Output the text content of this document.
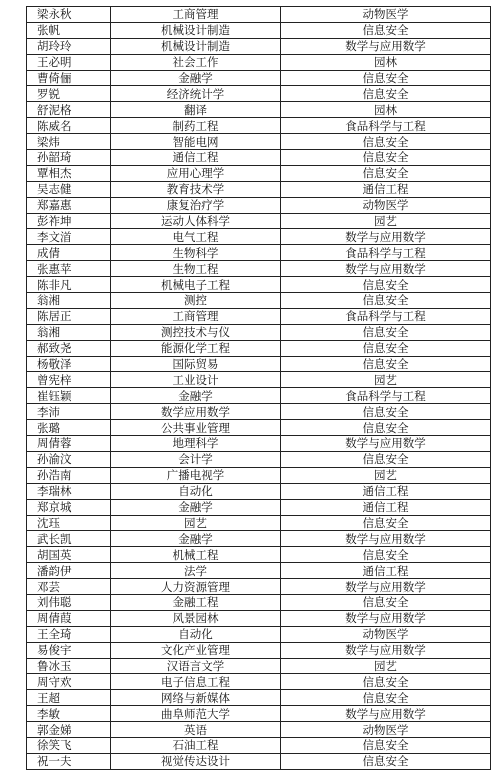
梁永秋	工商管理	动物医学
张帆	机械设计制造	信息安全
胡玲玲	机械设计制造	数学与应用数学
王必明	社会工作	园林
曹倚俪	金融学	信息安全
罗锐	经济统计学	信息安全
舒泥格	翻译	园林
陈威名	制药工程	食品科学与工程
梁炜	智能电网	信息安全
孙韶琦	通信工程	信息安全
覃相杰	应用心理学	信息安全
吴志健	教育技术学	通信工程
郑嘉惠	康复治疗学	动物医学
彭祚坤	运动人体科学	园艺
李文渞	电气工程	数学与应用数学
成倩	生物科学	食品科学与工程
张惠苹	生物工程	数学与应用数学
陈非凡	机械电子工程	信息安全
翁湘	测控	信息安全
陈居正	工商管理	食品科学与工程
翁湘	测控技术与仪	信息安全
郝致尧	能源化学工程	信息安全
杨敬泽	国际贸易	信息安全
曾宪梓	工业设计	园艺
崔钰颖	金融学	食品科学与工程
李沛	数学应用数学	信息安全
张璐	公共事业管理	信息安全
周倩蓉	地理科学	数学与应用数学
孙渝汶	会计学	信息安全
孙浩南	广播电视学	园艺
李瑞林	自动化	通信工程
郑京城	金融学	通信工程
沈珏	园艺	信息安全
武长凯	金融学	数学与应用数学
胡国英	机械工程	信息安全
潘韵伊	法学	通信工程
邓芸	人力资源管理	数学与应用数学
刘伟聪	金融工程	信息安全
周倩葭	风景园林	数学与应用数学
王全琦	自动化	动物医学
易俊宇	文化产业管理	数学与应用数学
鲁冰玉	汉语言文学	园艺
周守欢	电子信息工程	信息安全
王超	网络与新媒体	信息安全
李敏	曲阜师范大学	数学与应用数学
郭金娣	英语	动物医学
徐笑飞	石油工程	信息安全
祝一夫	视觉传达设计	信息安全
